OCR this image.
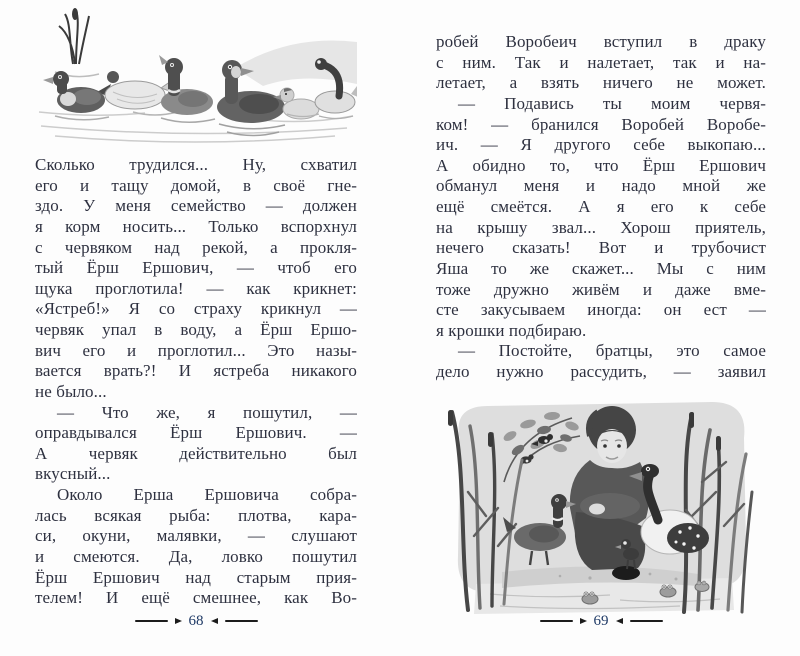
Сколько трудился... Ну, схватил
его и тащу домой, в своё гне-
здо. У меня семейство — должен
я корм носить... Только вспорхнул
с червяком над рекой, а прокля-
тый Ёрш Ершович, — чтоб его
щука проглотила! — как крикнет:
«Ястреб!» Я со страху крикнул —
червяк упал в воду, а Ёрш Ершо-
вич его и проглотил... Это назы-
вается врать?! И ястреба никакого
не было...
— Что же, я пошутил, —
оправдывался Ёрш Ершович. —
А червяк действительно был
вкусный...
Около Ерша Ершовича собра-
лась всякая рыба: плотва, кара-
си, окуни, малявки, — слушают
и смеются. Да, ловко пошутил
Ёрш Ершович над старым прия-
телем! И ещё смешнее, как Во-
68
робей Воробеич вступил в драку
с ним. Так и налетает, так и на-
летает, а взять ничего не может.
— Подавись ты моим червя-
ком! — бранился Воробей Воробе-
ич. — Я другого себе выкопаю...
А обидно то, что Ёрш Ершович
обманул меня и надо мной же
ещё смеётся. А я его к себе
на крышу звал... Хорош приятель,
нечего сказать! Вот и трубочист
Яша то же скажет... Мы с ним
тоже дружно живём и даже вме-
сте закусываем иногда: он ест —
я крошки подбираю.
— Постойте, братцы, это самое
дело нужно рассудить, — заявил
69
